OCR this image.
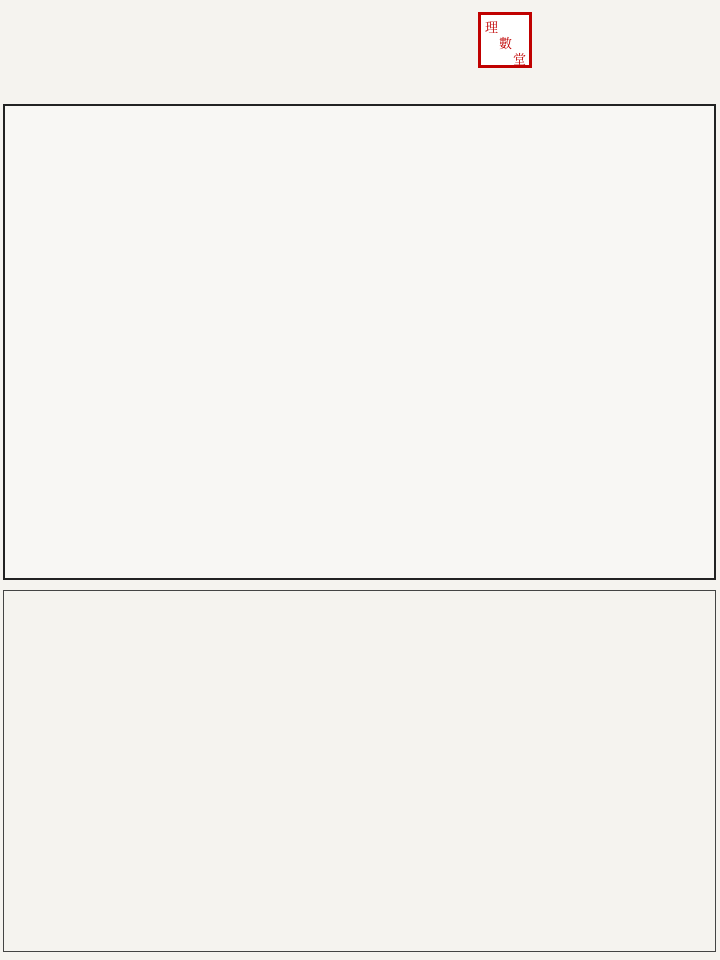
理
數
堂
